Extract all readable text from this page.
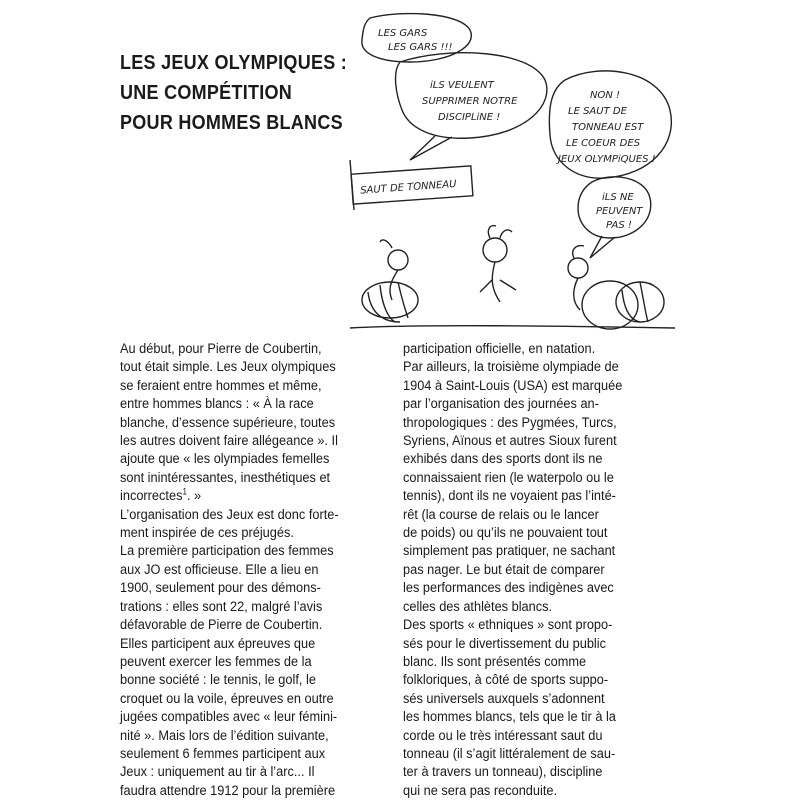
LES JEUX OLYMPIQUES :
UNE COMPÉTITION
POUR HOMMES BLANCS
LES GARS
LES GARS !!!
iLS VEULENT
SUPPRIMER NOTRE
DISCIPLiNE !
NON !
LE SAUT DE
TONNEAU EST
LE COEUR DES
JEUX OLYMPiQUES !
iLS NE
PEUVENT
PAS !
SAUT DE TONNEAU

Au début, pour Pierre de Coubertin,

tout était simple. Les Jeux olympiques

se feraient entre hommes et même,

entre hommes blancs : « À la race

blanche, d’essence supérieure, toutes

les autres doivent faire allégeance ». Il

ajoute que « les olympiades femelles

sont inintéressantes, inesthétiques et

incorrectes$^1$. »

L’organisation des Jeux est donc forte-

ment inspirée de ces préjugés.

La première participation des femmes

aux JO est officieuse. Elle a lieu en

1900, seulement pour des démons-

trations : elles sont 22, malgré l’avis

défavorable de Pierre de Coubertin.

Elles participent aux épreuves que

peuvent exercer les femmes de la

bonne société : le tennis, le golf, le

croquet ou la voile, épreuves en outre

jugées compatibles avec « leur fémini-

nité ». Mais lors de l’édition suivante,

seulement 6 femmes participent aux

Jeux : uniquement au tir à l’arc... Il

faudra attendre 1912 pour la première

participation officielle, en natation.

Par ailleurs, la troisième olympiade de

1904 à Saint-Louis (USA) est marquée

par l’organisation des journées an-

thropologiques : des Pygmées, Turcs,

Syriens, Aïnous et autres Sioux furent

exhibés dans des sports dont ils ne

connaissaient rien (le waterpolo ou le

tennis), dont ils ne voyaient pas l’inté-

rêt (la course de relais ou le lancer

de poids) ou qu’ils ne pouvaient tout

simplement pas pratiquer, ne sachant

pas nager. Le but était de comparer

les performances des indigènes avec

celles des athlètes blancs.

Des sports « ethniques » sont propo-

sés pour le divertissement du public

blanc. Ils sont présentés comme

folkloriques, à côté de sports suppo-

sés universels auxquels s’adonnent

les hommes blancs, tels que le tir à la

corde ou le très intéressant saut du

tonneau (il s’agit littéralement de sau-

ter à travers un tonneau), discipline

qui ne sera pas reconduite.
